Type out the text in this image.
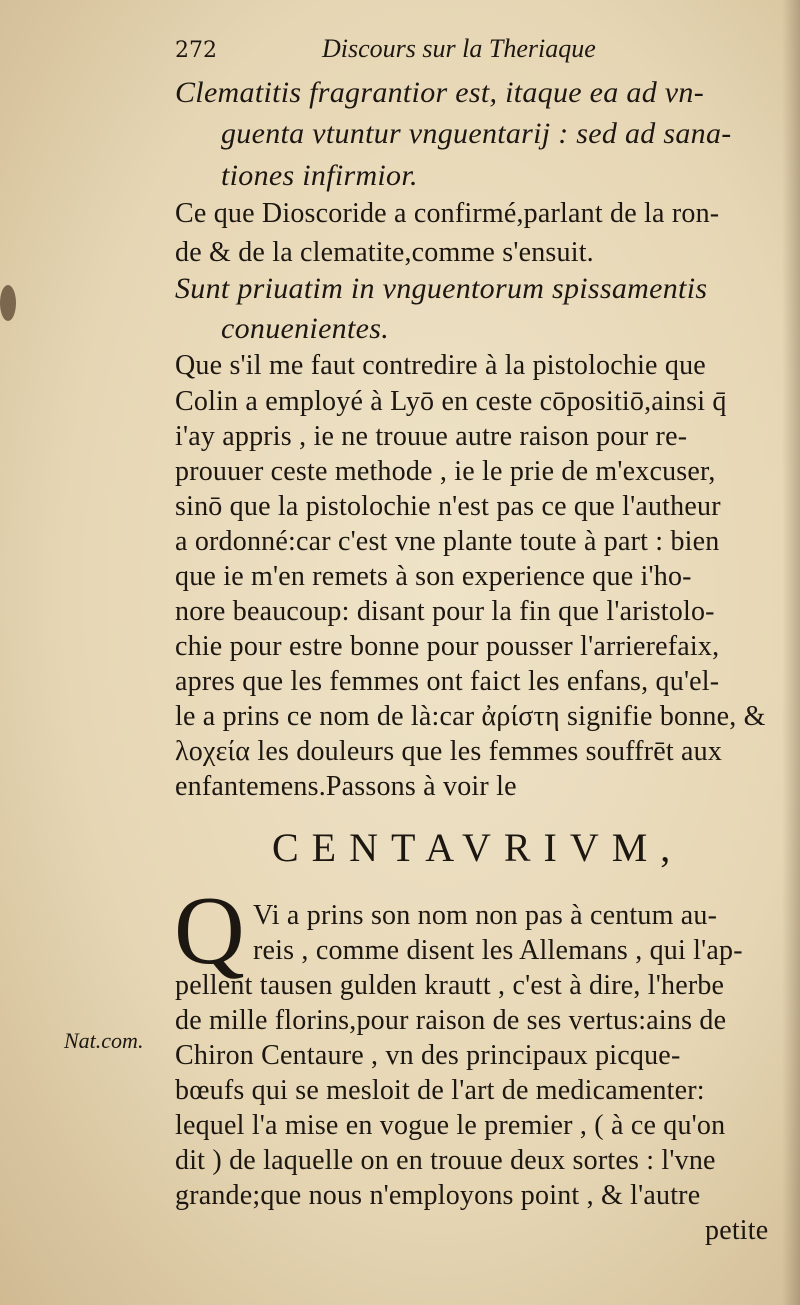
272	Discours sur la Theriaque
Clematitis fragrantior est, itaque ea ad vn-
guenta vtuntur vnguentarij : sed ad sana-
tiones infirmior.
Ce que Dioscoride a confirmé,parlant de la ron-
de & de la clematite,comme s'ensuit.
Sunt priuatim in vnguentorum spissamentis
conuenientes.
Que s'il me faut contredire à la pistolochie que
Colin a employé à Lyō en ceste cōpositiō,ainsi q̄
i'ay appris , ie ne trouue autre raison pour re-
prouuer ceste methode , ie le prie de m'excuser,
sinō que la pistolochie n'est pas ce que l'autheur
a ordonné:car c'est vne plante toute à part : bien
que ie m'en remets à son experience que i'ho-
nore beaucoup: disant pour la fin que l'aristolo-
chie pour estre bonne pour pousser l'arrierefaix,
apres que les femmes ont faict les enfans, qu'el-
le a prins ce nom de là:car ἀρίστη signifie bonne, &
λοχεία les douleurs que les femmes souffrēt aux
enfantemens.Passons à voir le
Vi a prins son nom non pas à centum au-
reis , comme disent les Allemans , qui l'ap-
pellent tausen gulden krautt , c'est à dire, l'herbe
de mille florins,pour raison de ses vertus:ains de
Chiron Centaure , vn des principaux picque-
bœufs qui se mesloit de l'art de medicamenter:
lequel l'a mise en vogue le premier , ( à ce qu'on
dit ) de laquelle on en trouue deux sortes : l'vne
grande;que nous n'employons point , & l'autre
petite
CENTAVRIVM,
Q
Nat.com.
